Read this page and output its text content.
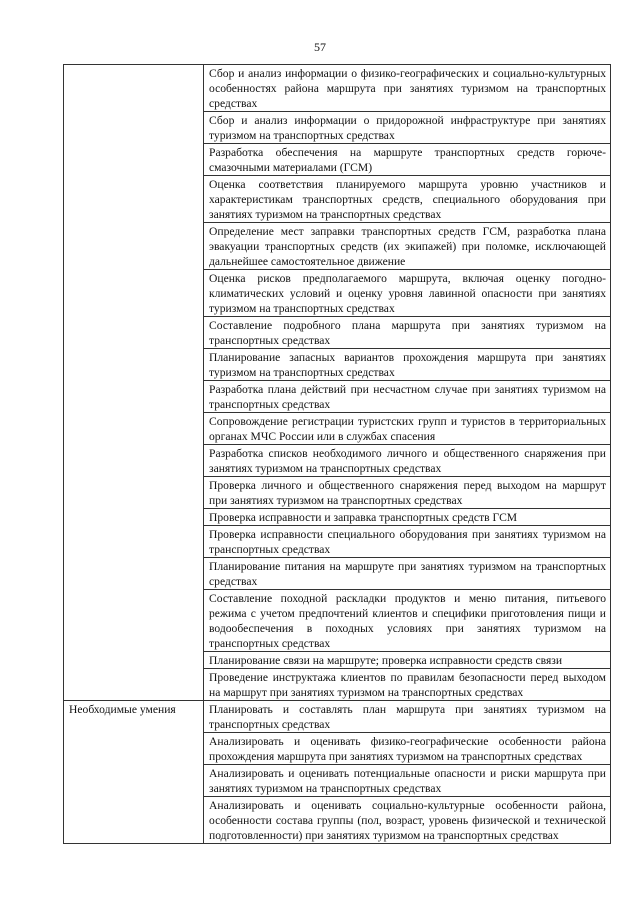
57

	Сбор и анализ информации о физико-географических и социально-культурных особенностях района маршрута при занятиях туризмом на транспортных средствах

	Сбор и анализ информации о придорожной инфраструктуре при занятиях туризмом на транспортных средствах

	Разработка обеспечения на маршруте транспортных средств горюче-смазочными материалами (ГСМ)

	Оценка соответствия планируемого маршрута уровню участников и характеристикам транспортных средств, специального оборудования при занятиях туризмом на транспортных средствах

	Определение мест заправки транспортных средств ГСМ, разработка плана эвакуации транспортных средств (их экипажей) при поломке, исключающей дальнейшее самостоятельное движение

	Оценка рисков предполагаемого маршрута, включая оценку погодно-климатических условий и оценку уровня лавинной опасности при занятиях туризмом на транспортных средствах

	Составление подробного плана маршрута при занятиях туризмом на транспортных средствах

	Планирование запасных вариантов прохождения маршрута при занятиях туризмом на транспортных средствах

	Разработка плана действий при несчастном случае при занятиях туризмом на транспортных средствах

	Сопровождение регистрации туристских групп и туристов в территориальных органах МЧС России или в службах спасения

	Разработка списков необходимого личного и общественного снаряжения при занятиях туризмом на транспортных средствах

	Проверка личного и общественного снаряжения перед выходом на маршрут при занятиях туризмом на транспортных средствах

	Проверка исправности и заправка транспортных средств ГСМ

	Проверка исправности специального оборудования при занятиях туризмом на транспортных средствах

	Планирование питания на маршруте при занятиях туризмом на транспортных средствах

	Составление походной раскладки продуктов и меню питания, питьевого режима с учетом предпочтений клиентов и специфики приготовления пищи и водообеспечения в походных условиях при занятиях туризмом на транспортных средствах

	Планирование связи на маршруте; проверка исправности средств связи

	Проведение инструктажа клиентов по правилам безопасности перед выходом на маршрут при занятиях туризмом на транспортных средствах

Необходимые умения	Планировать и составлять план маршрута при занятиях туризмом на транспортных средствах

	Анализировать и оценивать физико-географические особенности района прохождения маршрута при занятиях туризмом на транспортных средствах

	Анализировать и оценивать потенциальные опасности и риски маршрута при занятиях туризмом на транспортных средствах

	Анализировать и оценивать социально-культурные особенности района, особенности состава группы (пол, возраст, уровень физической и технической подготовленности) при занятиях туризмом на транспортных средствах
